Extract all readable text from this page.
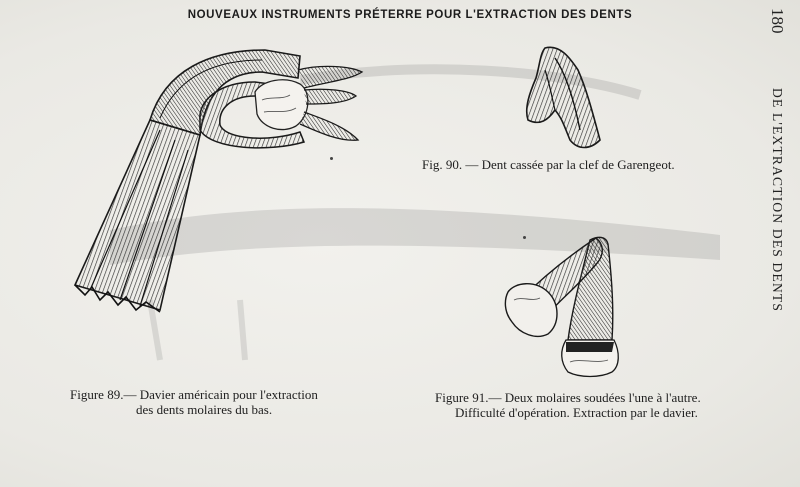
NOUVEAUX INSTRUMENTS PRÉTERRE POUR L'EXTRACTION DES DENTS	180
DE L'EXTRACTION DES DENTS
Fig. 90. — Dent cassée par la clef de Garengeot.
Figure 89.— Davier américain pour l'extraction
des dents molaires du bas.
Figure 91.— Deux molaires soudées l'une à l'autre.
Difficulté d'opération. Extraction par le davier.
